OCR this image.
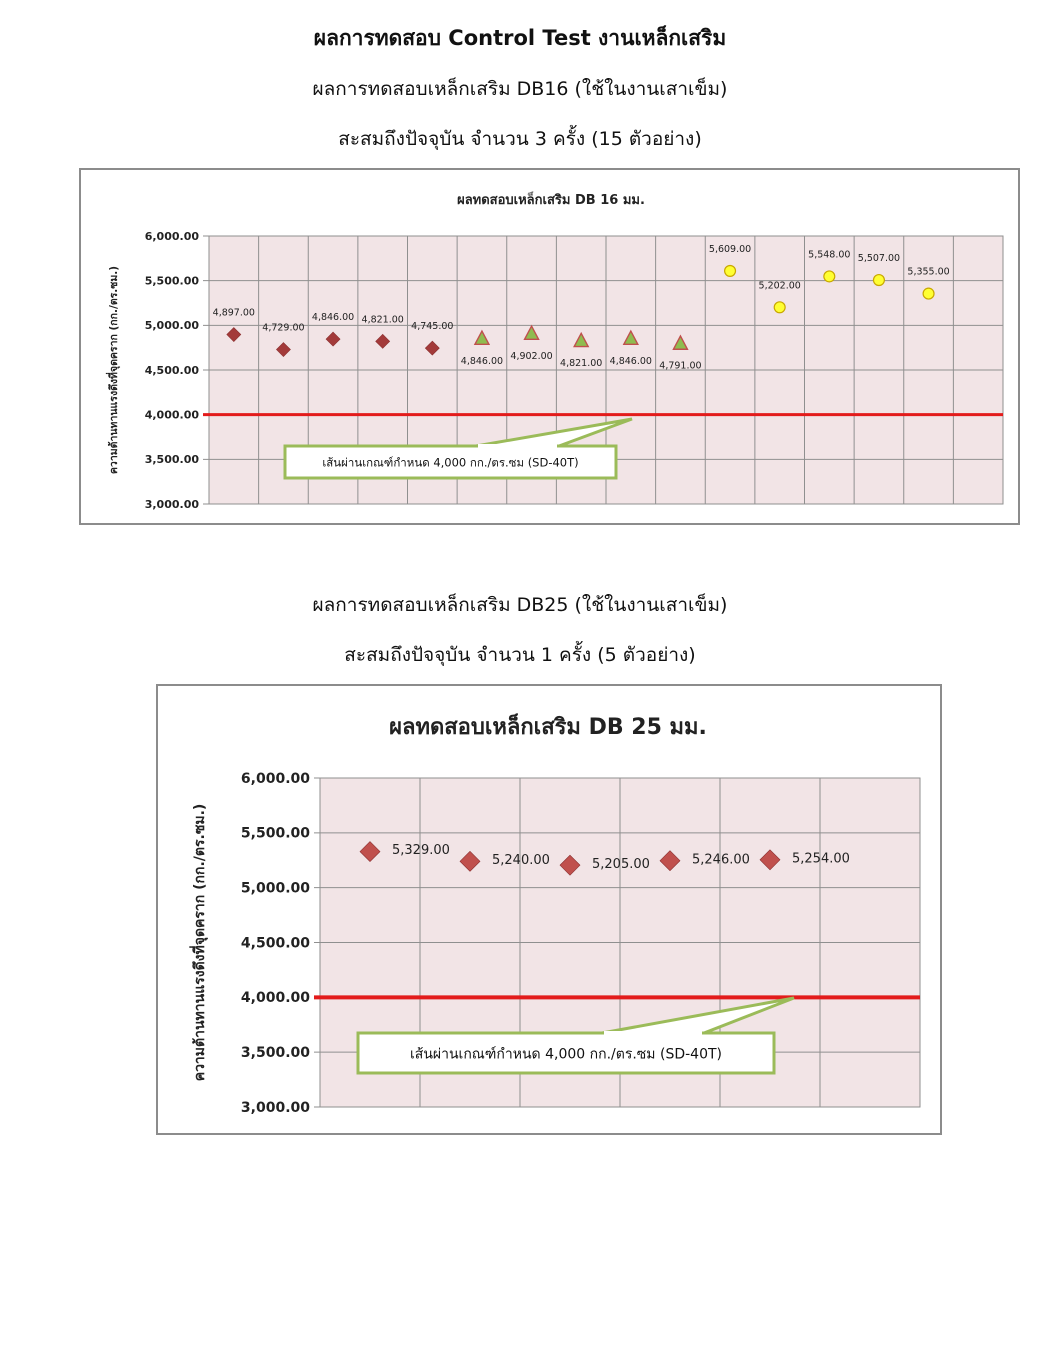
ผลการทดสอบ Control Test งานเหล็กเสริม
ผลการทดสอบเหล็กเสริม DB16 (ใช้ในงานเสาเข็ม)
สะสมถึงปัจจุบัน จำนวน 3 ครั้ง (15 ตัวอย่าง)
ผลทดสอบเหล็กเสริม DB 16 มม.
3,000.00
3,500.00
4,000.00
4,500.00
5,000.00
5,500.00
6,000.00
ความต้านทานแรงดึงที่จุดคราก (กก./ตร.ซม.)	เส้นผ่านเกณฑ์กำหนด 4,000 กก./ตร.ซม (SD-40T)
4,897.00
4,729.00
4,846.00 4,821.00
4,745.00
4,846.00 4,902.00
4,821.00 4,846.00 4,791.00
5,609.00
5,202.00
5,548.00 5,507.00
5,355.00
ผลการทดสอบเหล็กเสริม DB25 (ใช้ในงานเสาเข็ม)
สะสมถึงปัจจุบัน จำนวน 1 ครั้ง (5 ตัวอย่าง)
ผลทดสอบเหล็กเสริม DB 25 มม.
3,000.00
3,500.00
4,000.00
4,500.00
5,000.00
5,500.00
6,000.00
ความต้านทานแรงดึงที่จุดคราก (กก./ตร.ซม.)	เส้นผ่านเกณฑ์กำหนด 4,000 กก./ตร.ซม (SD-40T)
5,329.00
5,240.00	5,205.00	5,246.00	5,254.00
